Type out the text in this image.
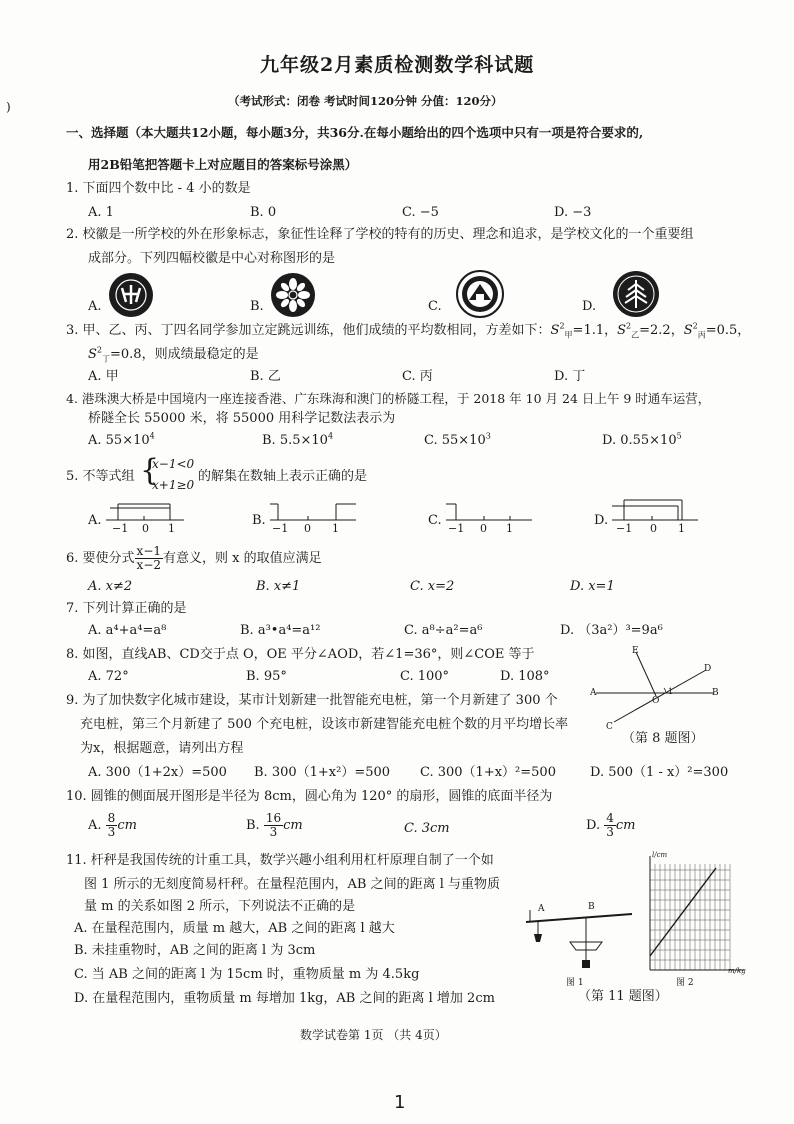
)
九年级2月素质检测数学科试题
（考试形式：闭卷 考试时间120分钟 分值：120分）
一、选择题（本大题共12小题，每小题3分，共36分.在每小题给出的四个选项中只有一项是符合要求的,
用2B铅笔把答题卡上对应题目的答案标号涂黑）
1. 下面四个数中比 - 4 小的数是
A. 1	B. 0	C. −5	D. −3
2. 校徽是一所学校的外在形象标志，象征性诠释了学校的特有的历史、理念和追求，是学校文化的一个重要组
成部分。下列四幅校徽是中心对称图形的是
A.	B.	C.	D.
3. 甲、乙、丙、丁四名同学参加立定跳远训练，他们成绩的平均数相同，方差如下：$S^2_甲=1.1$，$S^2_乙=2.2$，$S^2_丙=0.5$，
$S^2_丁=0.8$，则成绩最稳定的是
A. 甲	B. 乙	C. 丙	D. 丁
4. 港珠澳大桥是中国境内一座连接香港、广东珠海和澳门的桥隧工程，于 2018 年 10 月 24 日上午 9 时通车运营，
桥隧全长 55000 米，将 55000 用科学记数法表示为
A. $55\times 10^4$	B. $5.5\times 10^4$	C. $55\times 10^3$	D. $0.55\times 10^5$
5. 不等式组 {
x−1<0
x+1≥0
的解集在数轴上表示正确的是
A.	B.	C.	D.
−1 0 1	−1 0 1	−1 0 1	−1 0 1
6. 要使分式 $\frac{x-1}{x-2}$ 有意义，则 x 的取值应满足
A. x≠2	B. x≠1	C. x=2	D. x=1
7. 下列计算正确的是
A. a⁴+a⁴=a⁸	B. a³•a⁴=a¹²	C. a⁸÷a²=a⁶	D. （3a²）³=9a⁶
8. 如图，直线AB、CD交于点 O，OE 平分∠AOD，若∠1=36°，则∠COE 等于
A. 72°	B. 95°	C. 100°	D. 108°
A	B
C
D
E
O
1
（第 8 题图）
9. 为了加快数字化城市建设，某市计划新建一批智能充电桩，第一个月新建了 300 个
充电桩，第三个月新建了 500 个充电桩，设该市新建智能充电桩个数的月平均增长率
为x，根据题意，请列出方程
A. 300（1+2x）=500 B. 300（1+x²）=500 C. 300（1+x）²=500	D. 500（1 - x）²=300
10. 圆锥的侧面展开图形是半径为 8cm，圆心角为 120° 的扇形，圆锥的底面半径为
A. $\frac{8}{3}$ cm	B. $\frac{16}{3}$ cm	C. 3cm	D. $\frac{4}{3}$ cm
11. 杆秤是我国传统的计重工具，数学兴趣小组利用杠杆原理自制了一个如
图 1 所示的无刻度简易杆秤。在量程范围内，AB 之间的距离 l 与重物质
量 m 的关系如图 2 所示，下列说法不正确的是
A. 在量程范围内，质量 m 越大，AB 之间的距离 l 越大
B. 未挂重物时，AB 之间的距离 l 为 3cm
C. 当 AB 之间的距离 l 为 15cm 时，重物质量 m 为 4.5kg
D. 在量程范围内，重物质量 m 每增加 1kg，AB 之间的距离 l 增加 2cm
A	B
图 1
l/cm
m/kg
图 2
（第 11 题图）
数学试卷第 1页 （共 4页）
1
